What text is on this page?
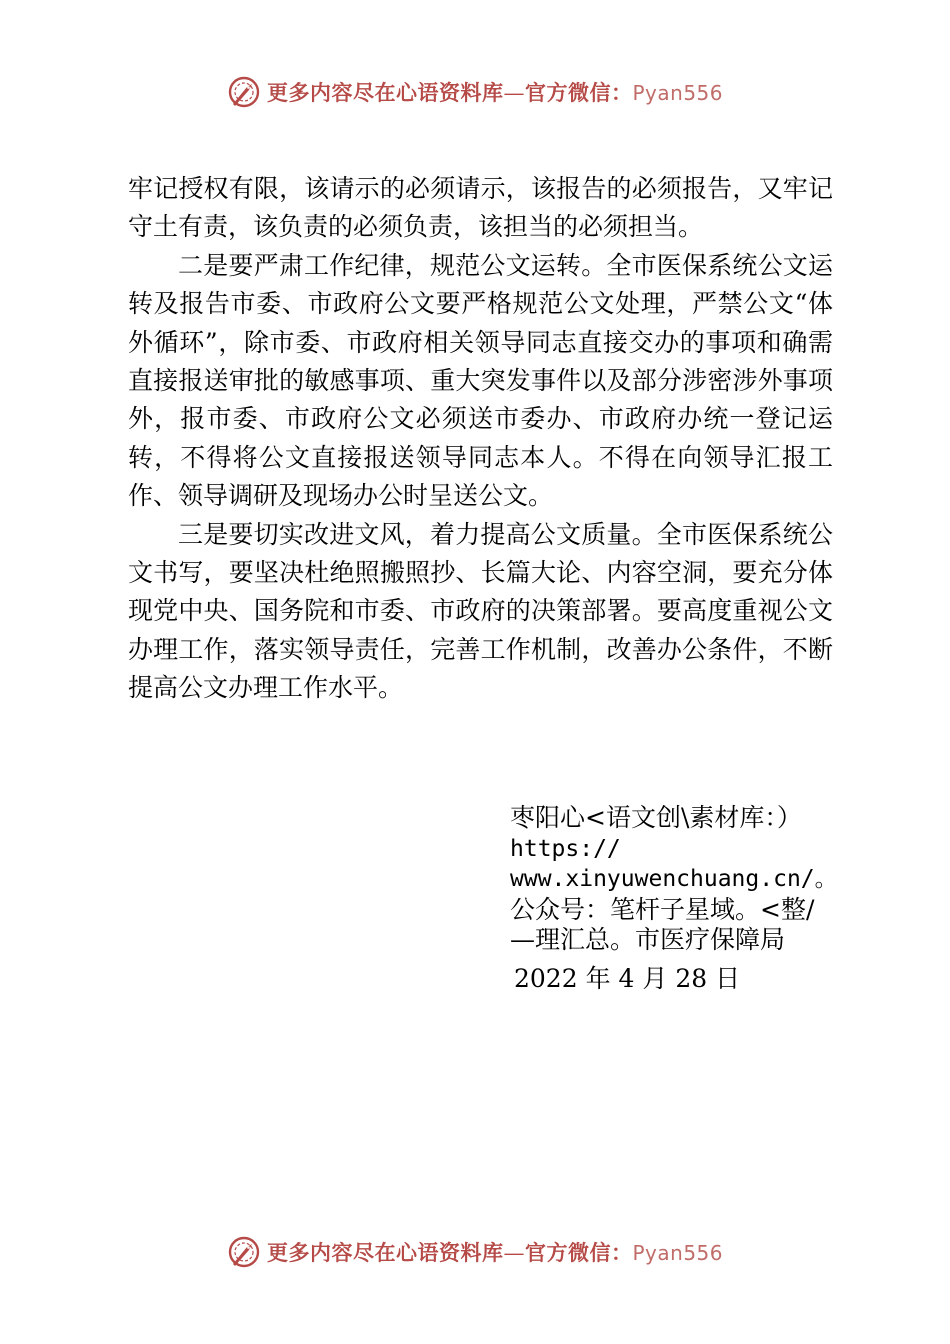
更多内容尽在心语资料库—官方微信：Pyan556

牢记授权有限，该请示的必须请示，该报告的必须报告，又牢记守土有责，该负责的必须负责，该担当的必须担当。

二是要严肃工作纪律，规范公文运转。全市医保系统公文运转及报告市委、市政府公文要严格规范公文处理，严禁公文“体外循环”，除市委、市政府相关领导同志直接交办的事项和确需直接报送审批的敏感事项、重大突发事件以及部分涉密涉外事项外，报市委、市政府公文必须送市委办、市政府办统一登记运转，不得将公文直接报送领导同志本人。不得在向领导汇报工作、领导调研及现场办公时呈送公文。

三是要切实改进文风，着力提高公文质量。全市医保系统公文书写，要坚决杜绝照搬照抄、长篇大论、内容空洞，要充分体现党中央、国务院和市委、市政府的决策部署。要高度重视公文办理工作，落实领导责任，完善工作机制，改善办公条件，不断提高公文办理工作水平。

枣阳心<语文创\素材库：）
https://
www.xinyuwenchuang.cn/。
公众号：笔杆子星域。<整/
—理汇总。市医疗保障局
2022 年 4 月 28 日
更多内容尽在心语资料库—官方微信：Pyan556
